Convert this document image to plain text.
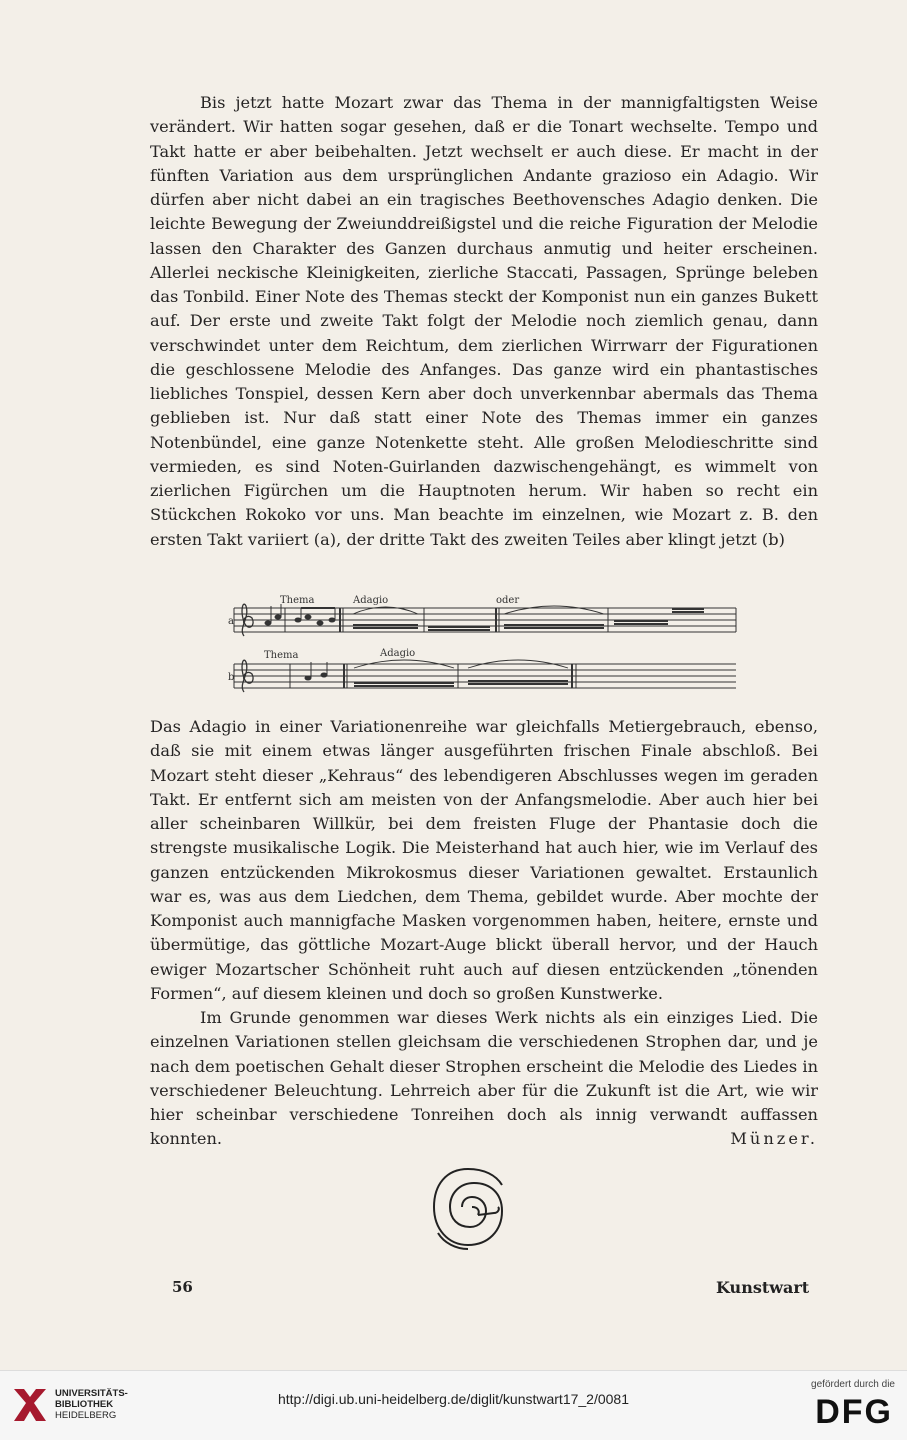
Bis jetzt hatte Mozart zwar das Thema in der mannigfaltigsten Weise verändert. Wir hatten sogar gesehen, daß er die Tonart wechselte. Tempo und Takt hatte er aber beibehalten. Jetzt wechselt er auch diese. Er macht in der fünften Variation aus dem ursprünglichen Andante grazioso ein Adagio. Wir dürfen aber nicht dabei an ein tragisches Beethovensches Adagio denken. Die leichte Bewegung der Zweiunddreißigstel und die reiche Figuration der Melodie lassen den Charakter des Ganzen durchaus anmutig und heiter erscheinen. Allerlei neckische Kleinigkeiten, zierliche Staccati, Passagen, Sprünge beleben das Tonbild. Einer Note des Themas steckt der Komponist nun ein ganzes Bukett auf. Der erste und zweite Takt folgt der Melodie noch ziemlich genau, dann verschwindet unter dem Reichtum, dem zierlichen Wirrwarr der Figurationen die geschlossene Melodie des Anfanges. Das ganze wird ein phantastisches liebliches Tonspiel, dessen Kern aber doch unverkennbar abermals das Thema geblieben ist. Nur daß statt einer Note des Themas immer ein ganzes Notenbündel, eine ganze Notenkette steht. Alle großen Melodieschritte sind vermieden, es sind Noten-Guirlanden dazwischengehängt, es wimmelt von zierlichen Figürchen um die Hauptnoten herum. Wir haben so recht ein Stückchen Rokoko vor uns. Man beachte im einzelnen, wie Mozart z. B. den ersten Takt variiert (a), der dritte Takt des zweiten Teiles aber klingt jetzt (b)

a
Thema	Adagio	oder
b
Thema	Adagio

Das Adagio in einer Variationenreihe war gleichfalls Metiergebrauch, ebenso, daß sie mit einem etwas länger ausgeführten frischen Finale abschloß. Bei Mozart steht dieser „Kehraus“ des lebendigeren Abschlusses wegen im geraden Takt. Er entfernt sich am meisten von der Anfangsmelodie. Aber auch hier bei aller scheinbaren Willkür, bei dem freisten Fluge der Phantasie doch die strengste musikalische Logik. Die Meisterhand hat auch hier, wie im Verlauf des ganzen entzückenden Mikrokosmus dieser Variationen gewaltet. Erstaunlich war es, was aus dem Liedchen, dem Thema, gebildet wurde. Aber mochte der Komponist auch mannigfache Masken vorgenommen haben, heitere, ernste und übermütige, das göttliche Mozart-Auge blickt überall hervor, und der Hauch ewiger Mozartscher Schönheit ruht auch auf diesen entzückenden „tönenden Formen“, auf diesem kleinen und doch so großen Kunstwerke.

Im Grunde genommen war dieses Werk nichts als ein einziges Lied. Die einzelnen Variationen stellen gleichsam die verschiedenen Strophen dar, und je nach dem poetischen Gehalt dieser Strophen erscheint die Melodie des Liedes in verschiedener Beleuchtung. Lehrreich aber für die Zukunft ist die Art, wie wir hier scheinbar verschiedene Tonreihen doch als innig verwandt auffassen konnten.	Münzer.

56	Kunstwart
UNIVERSITÄTS-
BIBLIOTHEK
HEIDELBERG
http://digi.ub.uni-heidelberg.de/diglit/kunstwart17_2/0081
gefördert durch die
DFG
